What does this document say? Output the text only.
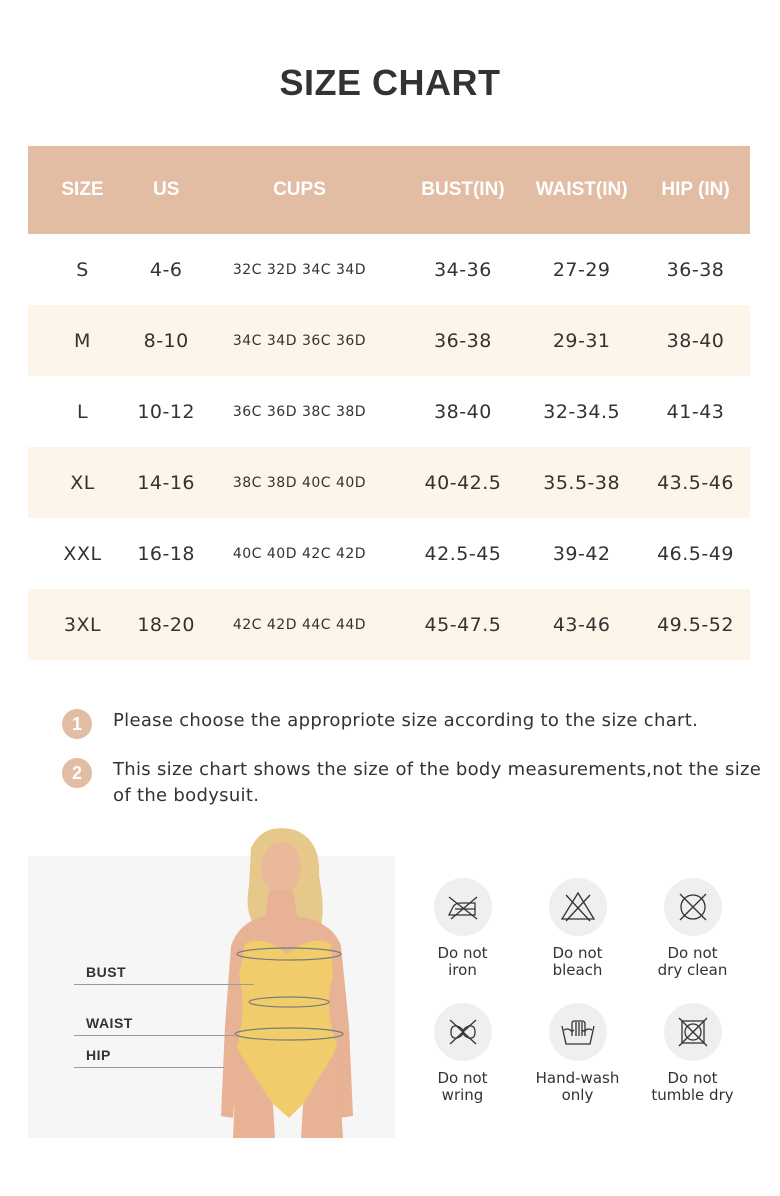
SIZE CHART
SIZE	US	CUPS	BUST(IN)	WAIST(IN)	HIP (IN)
S	4-6	32C 32D 34C 34D	34-36	27-29	36-38
M	8-10	34C 34D 36C 36D	36-38	29-31	38-40
L	10-12	36C 36D 38C 38D	38-40	32-34.5	41-43
XL	14-16	38C 38D 40C 40D	40-42.5	35.5-38	43.5-46
XXL	16-18	40C 40D 42C 42D	42.5-45	39-42	46.5-49
3XL	18-20	42C 42D 44C 44D	45-47.5	43-46	49.5-52
1	Please choose the appropriote size according to the size chart.
2	This size chart shows the size of the body measurements,not the size of the bodysuit.
BUST
WAIST
HIP
Do not
iron
Do not
bleach
Do not
dry clean
Do not
wring
Hand-wash
only
Do not
tumble dry
